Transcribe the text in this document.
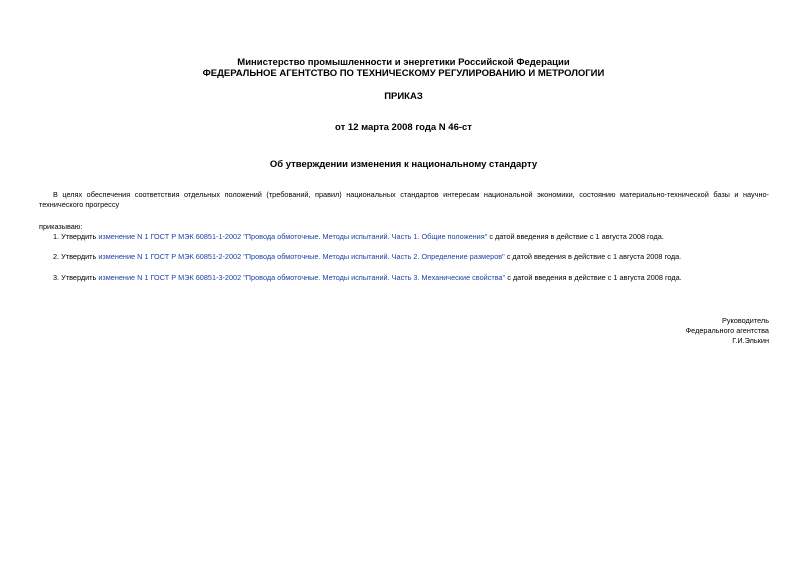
Министерство промышленности и энергетики Российской Федерации
ФЕДЕРАЛЬНОЕ АГЕНТСТВО ПО ТЕХНИЧЕСКОМУ РЕГУЛИРОВАНИЮ И МЕТРОЛОГИИ
ПРИКАЗ
от 12 марта 2008 года N 46-ст
Об утверждении изменения к национальному стандарту
В целях обеспечения соответствия отдельных положений (требований, правил) национальных стандартов интересам национальной экономики, состоянию материально-технической базы и научно-технического прогрессу
приказываю:
1. Утвердить изменение N 1 ГОСТ Р МЭК 60851-1-2002 "Провода обмоточные. Методы испытаний. Часть 1. Общие положения" с датой введения в действие с 1 августа 2008 года.
2. Утвердить изменение N 1 ГОСТ Р МЭК 60851-2-2002 "Провода обмоточные. Методы испытаний. Часть 2. Определение размеров" с датой введения в действие с 1 августа 2008 года.
3. Утвердить изменение N 1 ГОСТ Р МЭК 60851-3-2002 "Провода обмоточные. Методы испытаний. Часть 3. Механические свойства" с датой введения в действие с 1 августа 2008 года.
Руководитель
Федерального агентства
Г.И.Элькин
